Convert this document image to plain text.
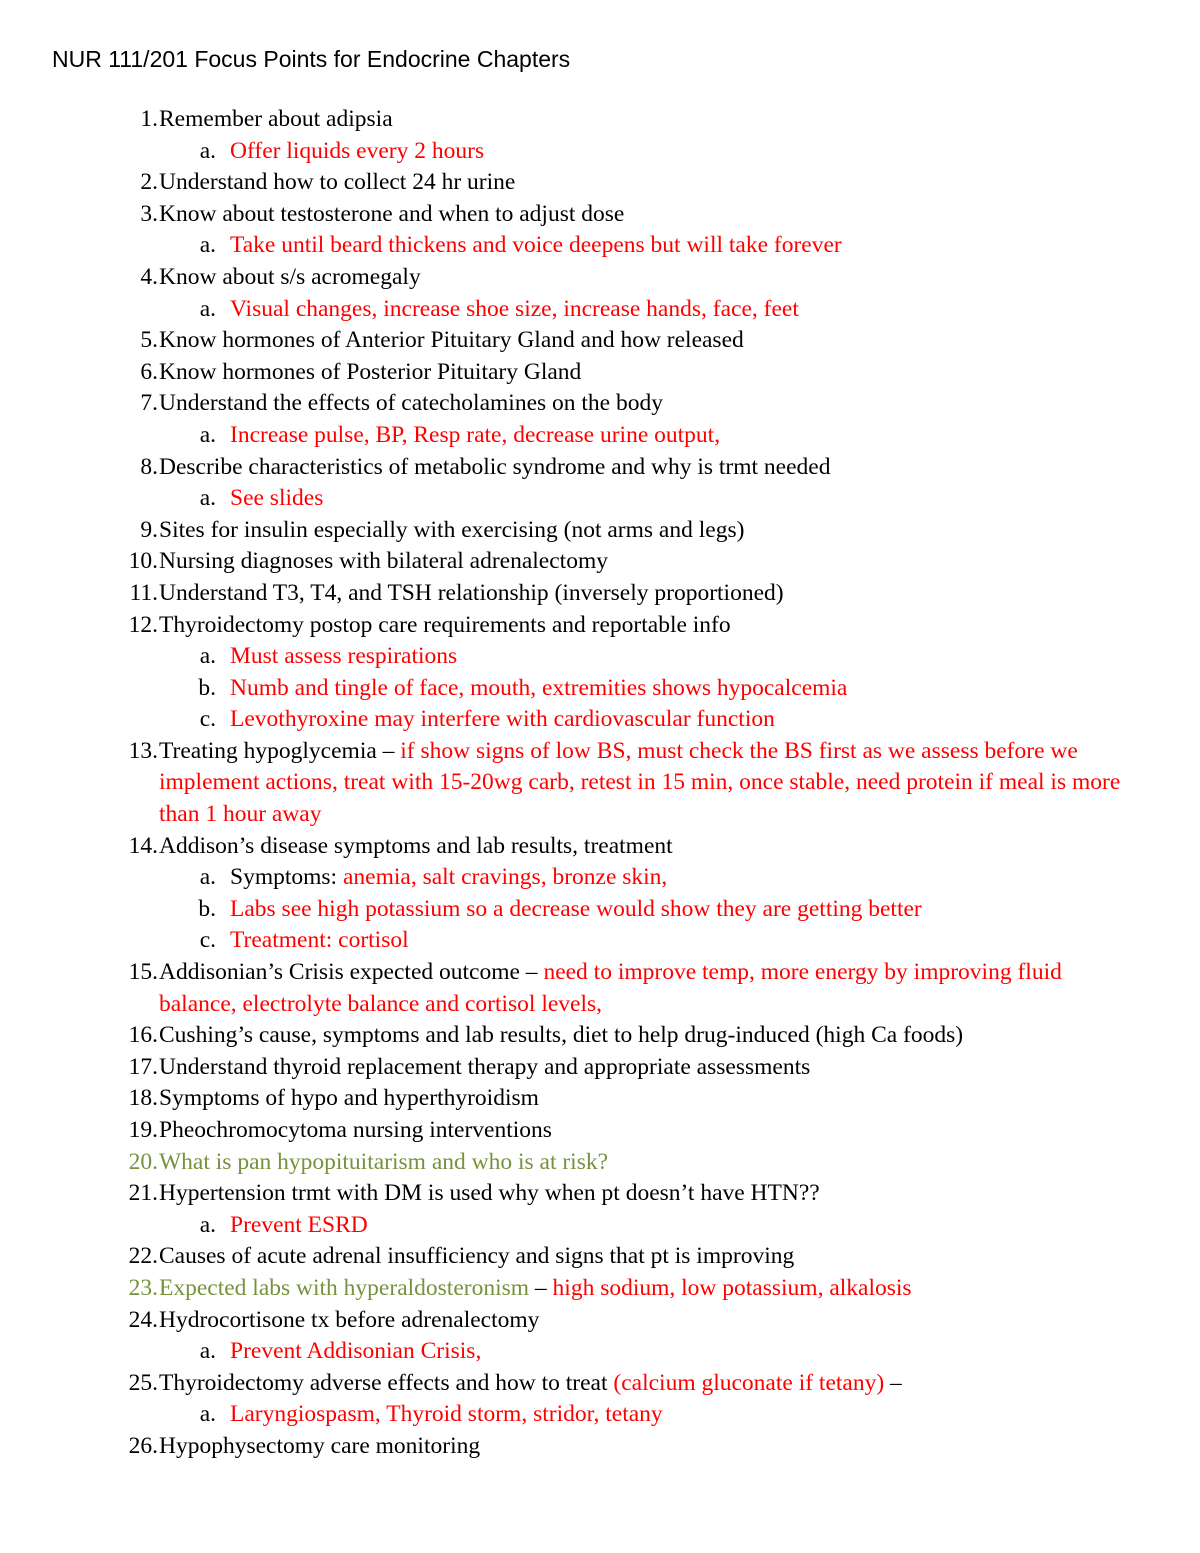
NUR 111/201 Focus Points for Endocrine Chapters
1. Remember about adipsia
a. Offer liquids every 2 hours
2. Understand how to collect 24 hr urine
3. Know about testosterone and when to adjust dose
a. Take until beard thickens and voice deepens but will take forever
4. Know about s/s acromegaly
a. Visual changes, increase shoe size, increase hands, face, feet
5. Know hormones of Anterior Pituitary Gland and how released
6. Know hormones of Posterior Pituitary Gland
7. Understand the effects of catecholamines on the body
a. Increase pulse, BP, Resp rate, decrease urine output,
8. Describe characteristics of metabolic syndrome and why is trmt needed
a. See slides
9. Sites for insulin especially with exercising (not arms and legs)
10. Nursing diagnoses with bilateral adrenalectomy
11. Understand T3, T4, and TSH relationship (inversely proportioned)
12. Thyroidectomy postop care requirements and reportable info
a. Must assess respirations
b. Numb and tingle of face, mouth, extremities shows hypocalcemia
c. Levothyroxine may interfere with cardiovascular function
13. Treating hypoglycemia – if show signs of low BS, must check the BS first as we assess before we implement actions, treat with 15-20wg carb, retest in 15 min, once stable, need protein if meal is more than 1 hour away
14. Addison’s disease symptoms and lab results, treatment
a. Symptoms: anemia, salt cravings, bronze skin,
b. Labs see high potassium so a decrease would show they are getting better
c. Treatment: cortisol
15. Addisonian’s Crisis expected outcome – need to improve temp, more energy by improving fluid balance, electrolyte balance and cortisol levels,
16. Cushing’s cause, symptoms and lab results, diet to help drug-induced (high Ca foods)
17. Understand thyroid replacement therapy and appropriate assessments
18. Symptoms of hypo and hyperthyroidism
19. Pheochromocytoma nursing interventions
20. What is pan hypopituitarism and who is at risk?
21. Hypertension trmt with DM is used why when pt doesn’t have HTN??
a. Prevent ESRD
22. Causes of acute adrenal insufficiency and signs that pt is improving
23. Expected labs with hyperaldosteronism – high sodium, low potassium, alkalosis
24. Hydrocortisone tx before adrenalectomy
a. Prevent Addisonian Crisis,
25. Thyroidectomy adverse effects and how to treat (calcium gluconate if tetany) –
a. Laryngiospasm, Thyroid storm, stridor, tetany
26. Hypophysectomy care monitoring
